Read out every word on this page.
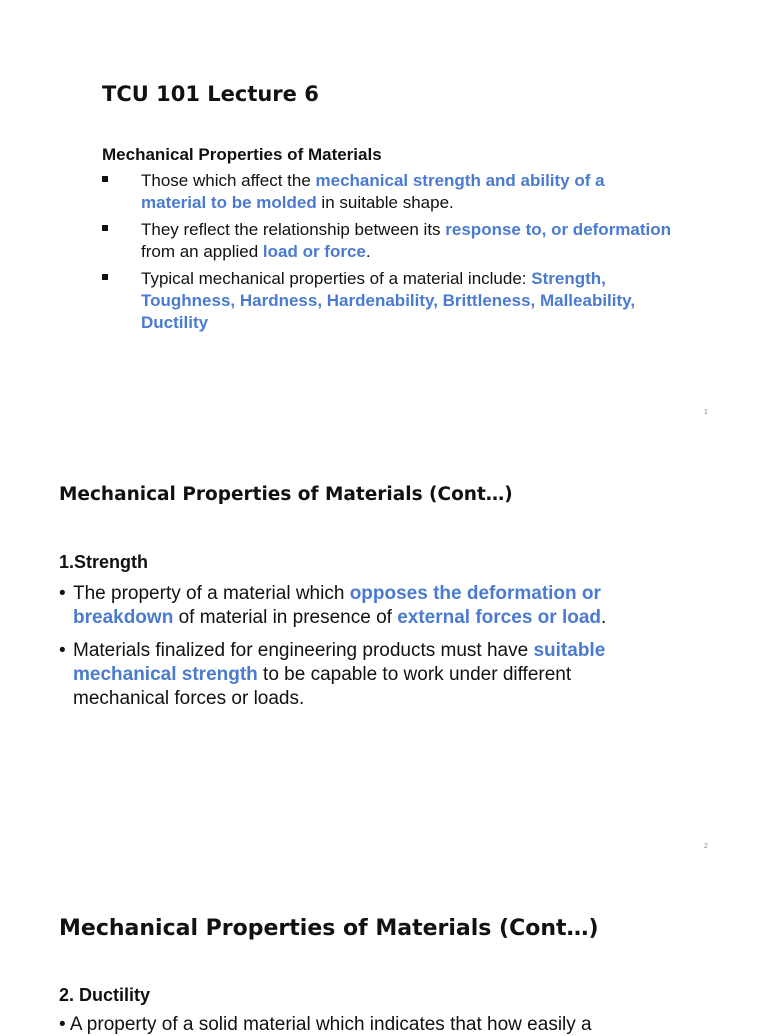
TCU 101 Lecture 6
Mechanical Properties of Materials
Those which affect the mechanical strength and ability of a material to be molded in suitable shape.
They reflect the relationship between its response to, or deformation from an applied load or force.
Typical mechanical properties of a material include: Strength, Toughness, Hardness, Hardenability, Brittleness, Malleability, Ductility
1
Mechanical Properties of Materials (Cont…)
1.Strength
• The property of a material which opposes the deformation or breakdown of material in presence of external forces or load.
• Materials finalized for engineering products must have suitable mechanical strength to be capable to work under different mechanical forces or loads.
2
Mechanical Properties of Materials (Cont…)
2. Ductility
• A property of a solid material which indicates that how easily a
